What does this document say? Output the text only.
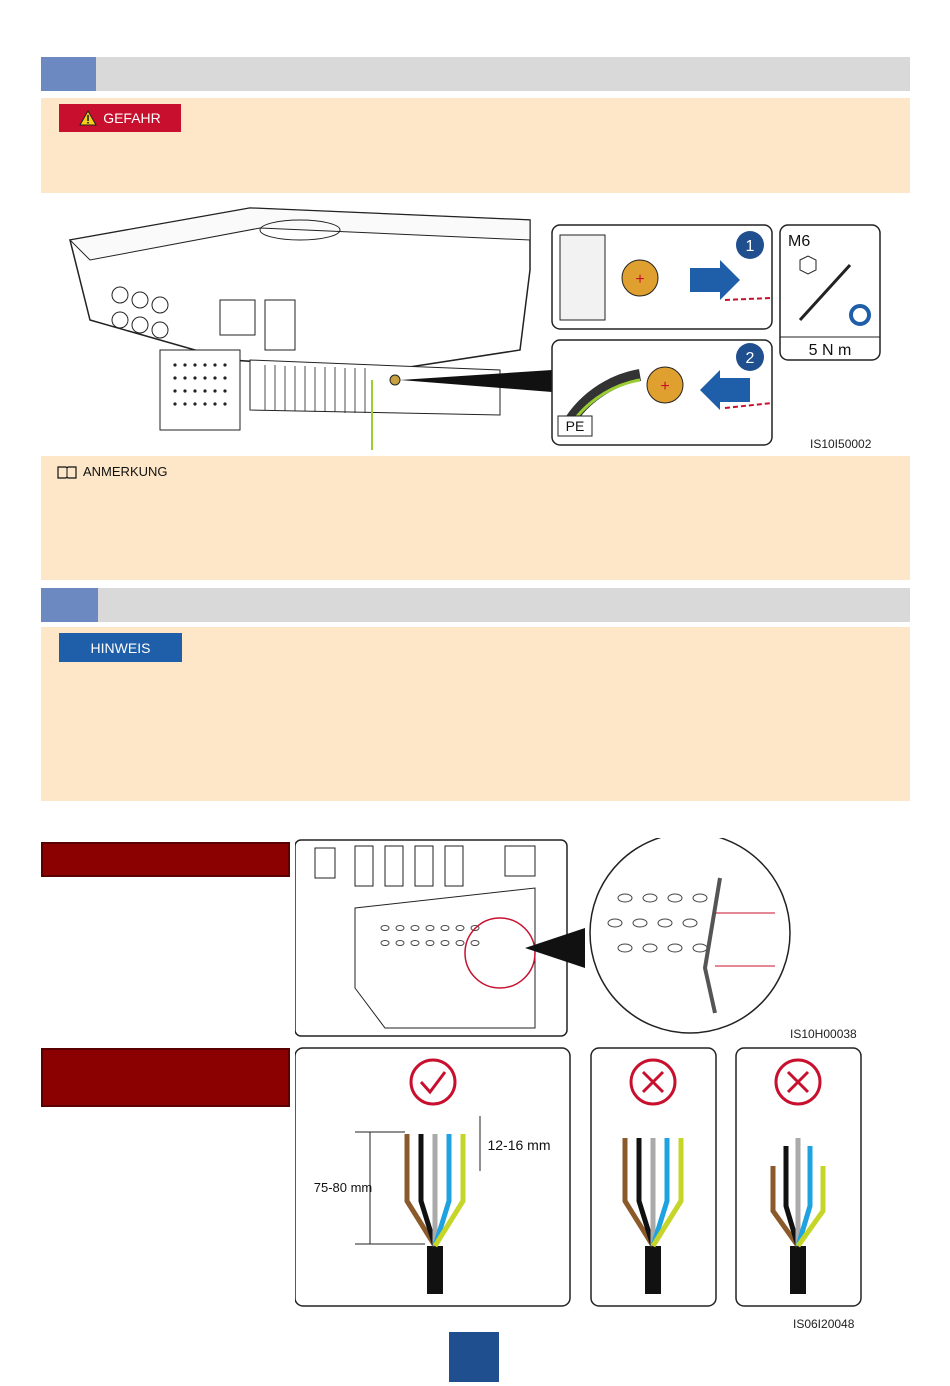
GEFAHR
+
1 M6
5 N m
+
2
PE
IS10I50002
ANMERKUNG
HINWEIS
IS10H00038
75-80 mm
12-16 mm
IS06I20048
